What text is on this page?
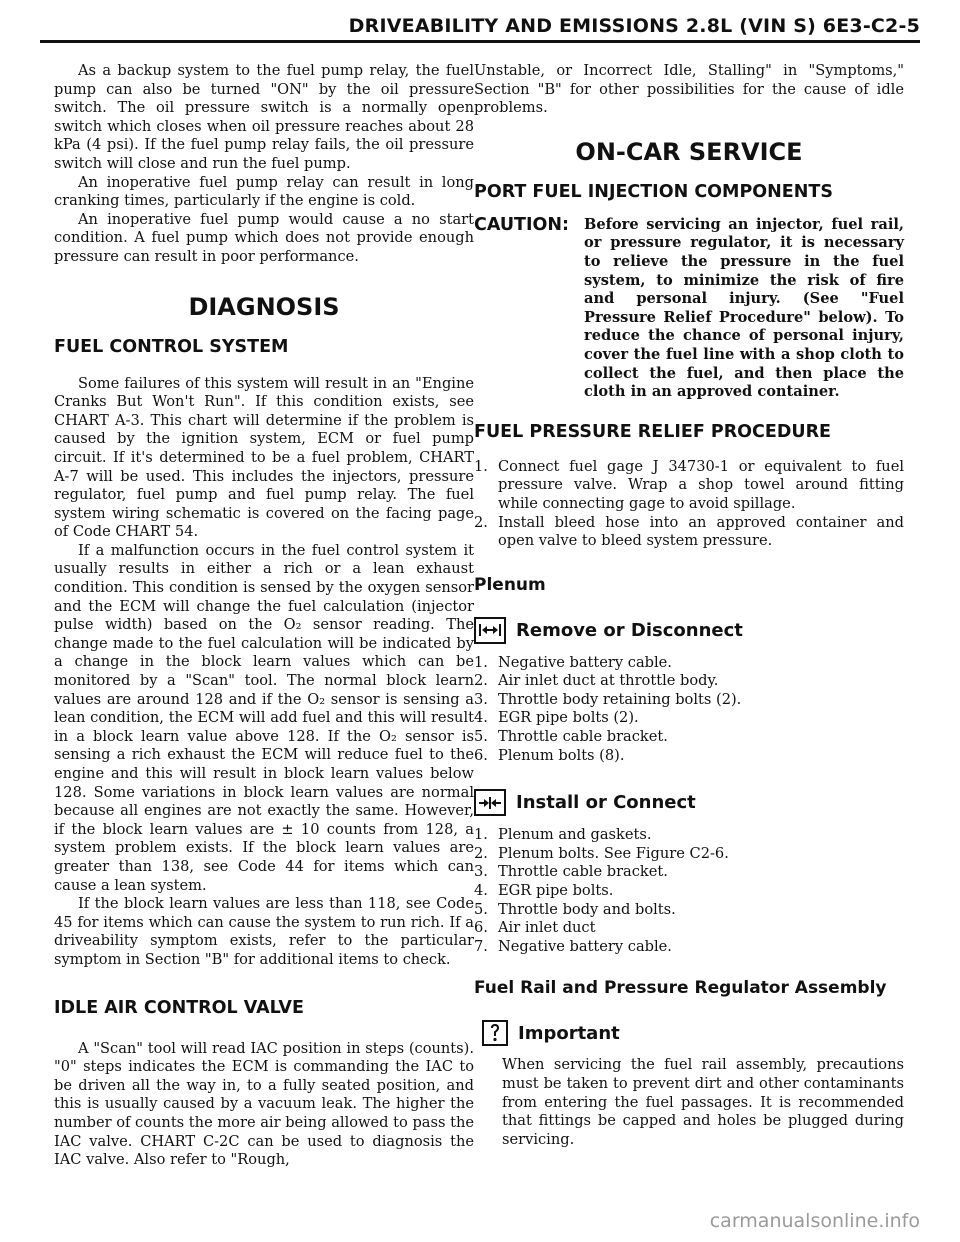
DRIVEABILITY AND EMISSIONS 2.8L (VIN S) 6E3-C2-5

As a backup system to the fuel pump relay, the fuel pump can also be turned "ON" by the oil pressure switch. The oil pressure switch is a normally open switch which closes when oil pressure reaches about 28 kPa (4 psi). If the fuel pump relay fails, the oil pressure switch will close and run the fuel pump.

An inoperative fuel pump relay can result in long cranking times, particularly if the engine is cold.

An inoperative fuel pump would cause a no start condition. A fuel pump which does not provide enough pressure can result in poor performance.

DIAGNOSIS
FUEL CONTROL SYSTEM

Some failures of this system will result in an "Engine Cranks But Won't Run". If this condition exists, see CHART A-3. This chart will determine if the problem is caused by the ignition system, ECM or fuel pump circuit. If it's determined to be a fuel problem, CHART A-7 will be used. This includes the injectors, pressure regulator, fuel pump and fuel pump relay. The fuel system wiring schematic is covered on the facing page of Code CHART 54.

If a malfunction occurs in the fuel control system it usually results in either a rich or a lean exhaust condition. This condition is sensed by the oxygen sensor and the ECM will change the fuel calculation (injector pulse width) based on the O₂ sensor reading. The change made to the fuel calculation will be indicated by a change in the block learn values which can be monitored by a "Scan" tool. The normal block learn values are around 128 and if the O₂ sensor is sensing a lean condition, the ECM will add fuel and this will result in a block learn value above 128. If the O₂ sensor is sensing a rich exhaust the ECM will reduce fuel to the engine and this will result in block learn values below 128. Some variations in block learn values are normal because all engines are not exactly the same. However, if the block learn values are ± 10 counts from 128, a system problem exists. If the block learn values are greater than 138, see Code 44 for items which can cause a lean system.

If the block learn values are less than 118, see Code 45 for items which can cause the system to run rich. If a driveability symptom exists, refer to the particular symptom in Section "B" for additional items to check.

IDLE AIR CONTROL VALVE

A "Scan" tool will read IAC position in steps (counts). "0" steps indicates the ECM is commanding the IAC to be driven all the way in, to a fully seated position, and this is usually caused by a vacuum leak. The higher the number of counts the more air being allowed to pass the IAC valve. CHART C-2C can be used to diagnosis the IAC valve. Also refer to "Rough,

Unstable, or Incorrect Idle, Stalling" in "Symptoms," Section "B" for other possibilities for the cause of idle problems.

ON-CAR SERVICE
PORT FUEL INJECTION COMPONENTS
CAUTION:	Before servicing an injector, fuel rail, or pressure regulator, it is necessary to relieve the pressure in the fuel system, to minimize the risk of fire and personal injury. (See "Fuel Pressure Relief Procedure" below). To reduce the chance of personal injury, cover the fuel line with a shop cloth to collect the fuel, and then place the cloth in an approved container.
FUEL PRESSURE RELIEF PROCEDURE
1. Connect fuel gage J 34730-1 or equivalent to fuel pressure valve. Wrap a shop towel around fitting while connecting gage to avoid spillage.
2. Install bleed hose into an approved container and open valve to bleed system pressure.
Plenum
Remove or Disconnect
1. Negative battery cable.
2. Air inlet duct at throttle body.
3. Throttle body retaining bolts (2).
4. EGR pipe bolts (2).
5. Throttle cable bracket.
6. Plenum bolts (8).
Install or Connect
1. Plenum and gaskets.
2. Plenum bolts. See Figure C2-6.
3. Throttle cable bracket.
4. EGR pipe bolts.
5. Throttle body and bolts.
6. Air inlet duct
7. Negative battery cable.
Fuel Rail and Pressure Regulator Assembly
Important

When servicing the fuel rail assembly, precautions must be taken to prevent dirt and other contaminants from entering the fuel passages. It is recommended that fittings be capped and holes be plugged during servicing.

carmanualsonline.info
